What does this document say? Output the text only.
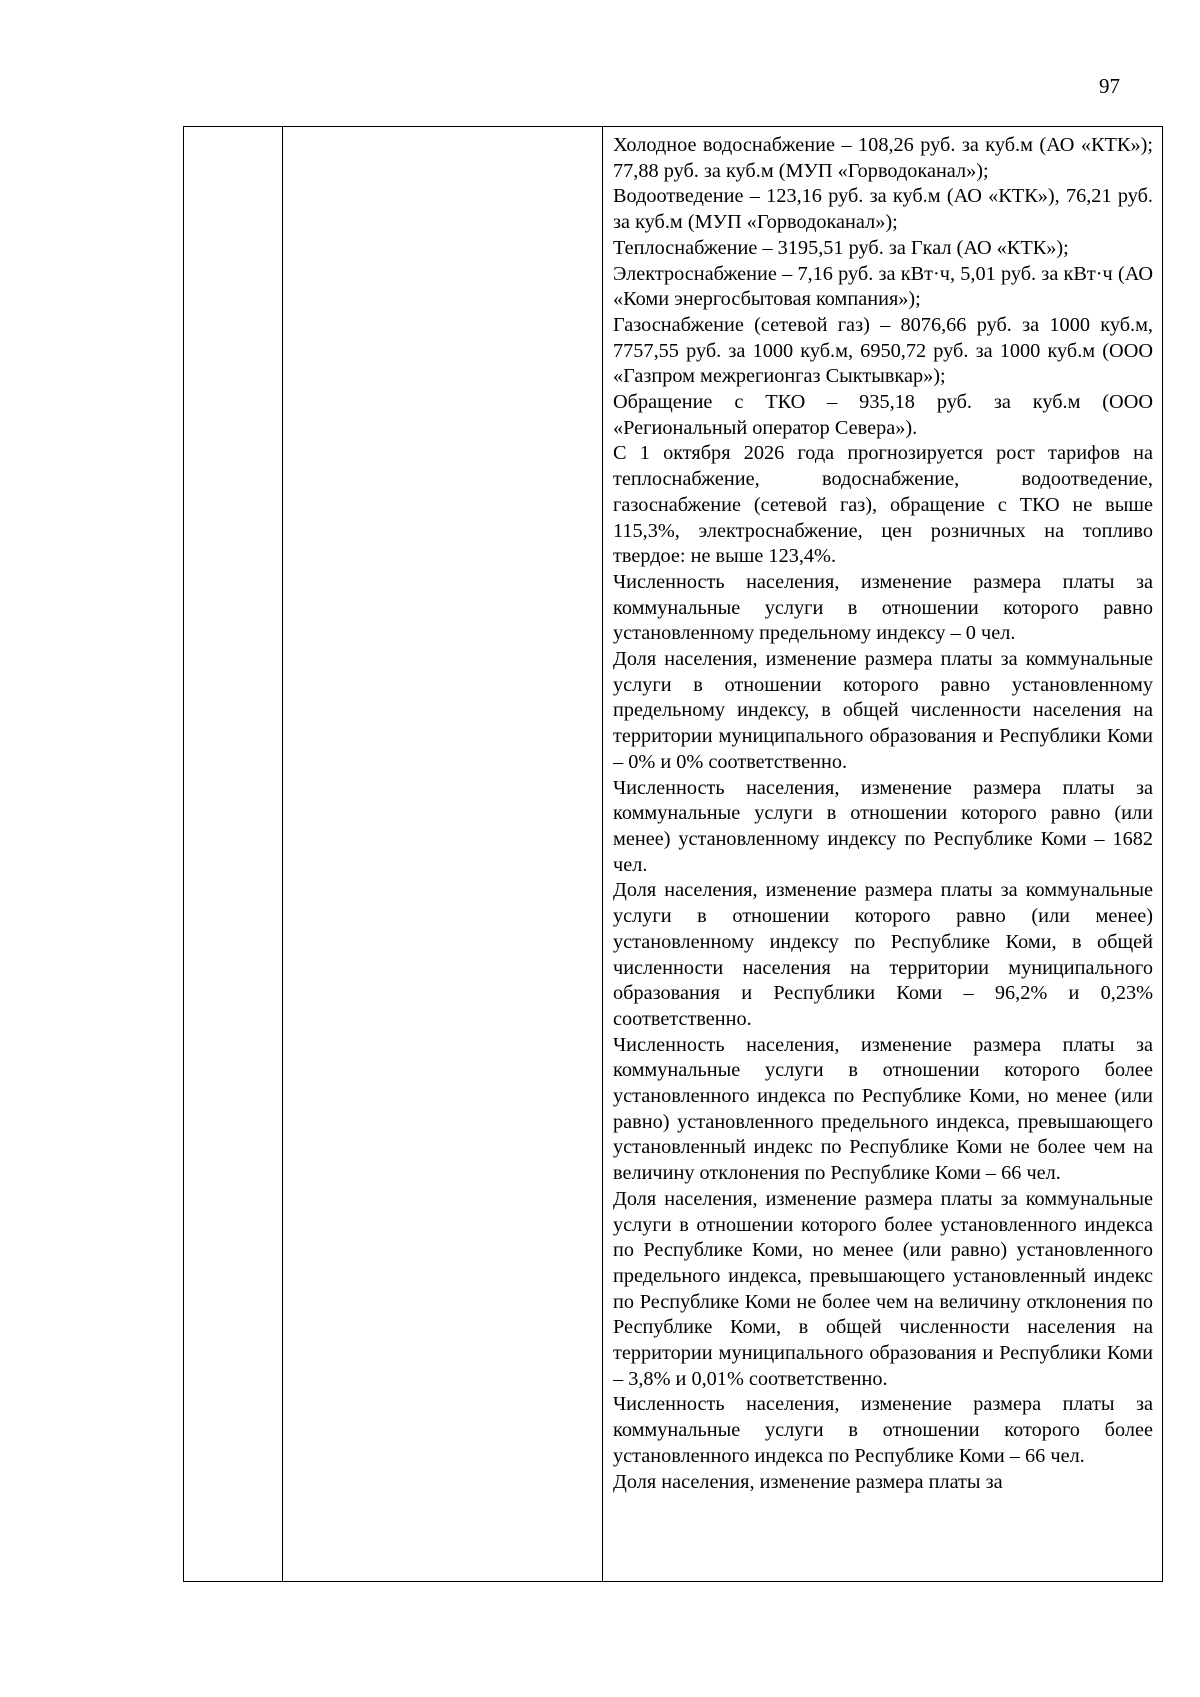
97

Холодное водоснабжение – 108,26 руб. за куб.м (АО «КТК»); 77,88 руб. за куб.м (МУП «Горводоканал»);

Водоотведение – 123,16 руб. за куб.м (АО «КТК»), 76,21 руб. за куб.м (МУП «Горводоканал»);

Теплоснабжение – 3195,51 руб. за Гкал (АО «КТК»);

Электроснабжение – 7,16 руб. за кВт·ч, 5,01 руб. за кВт·ч (АО «Коми энергосбытовая компания»);

Газоснабжение (сетевой газ) – 8076,66 руб. за 1000 куб.м, 7757,55 руб. за 1000 куб.м, 6950,72 руб. за 1000 куб.м (ООО «Газпром межрегионгаз Сыктывкар»);

Обращение с ТКО – 935,18 руб. за куб.м (ООО «Региональный оператор Севера»).

С 1 октября 2026 года прогнозируется рост тарифов на теплоснабжение, водоснабжение, водоотведение, газоснабжение (сетевой газ), обращение с ТКО не выше 115,3%, электроснабжение, цен розничных на топливо твердое: не выше 123,4%.

Численность населения, изменение размера платы за коммунальные услуги в отношении которого равно установленному предельному индексу – 0 чел.

Доля населения, изменение размера платы за коммунальные услуги в отношении которого равно установленному предельному индексу, в общей численности населения на территории муниципального образования и Республики Коми – 0% и 0% соответственно.

Численность населения, изменение размера платы за коммунальные услуги в отношении которого равно (или менее) установленному индексу по Республике Коми – 1682 чел.

Доля населения, изменение размера платы за коммунальные услуги в отношении которого равно (или менее) установленному индексу по Республике Коми, в общей численности населения на территории муниципального образования и Республики Коми – 96,2% и 0,23% соответственно.

Численность населения, изменение размера платы за коммунальные услуги в отношении которого более установленного индекса по Республике Коми, но менее (или равно) установленного предельного индекса, превышающего установленный индекс по Республике Коми не более чем на величину отклонения по Республике Коми – 66 чел.

Доля населения, изменение размера платы за коммунальные услуги в отношении которого более установленного индекса по Республике Коми, но менее (или равно) установленного предельного индекса, превышающего установленный индекс по Республике Коми не более чем на величину отклонения по Республике Коми, в общей численности населения на территории муниципального образования и Республики Коми – 3,8% и 0,01% соответственно.

Численность населения, изменение размера платы за коммунальные услуги в отношении которого более установленного индекса по Республике Коми – 66 чел.

Доля населения, изменение размера платы за
